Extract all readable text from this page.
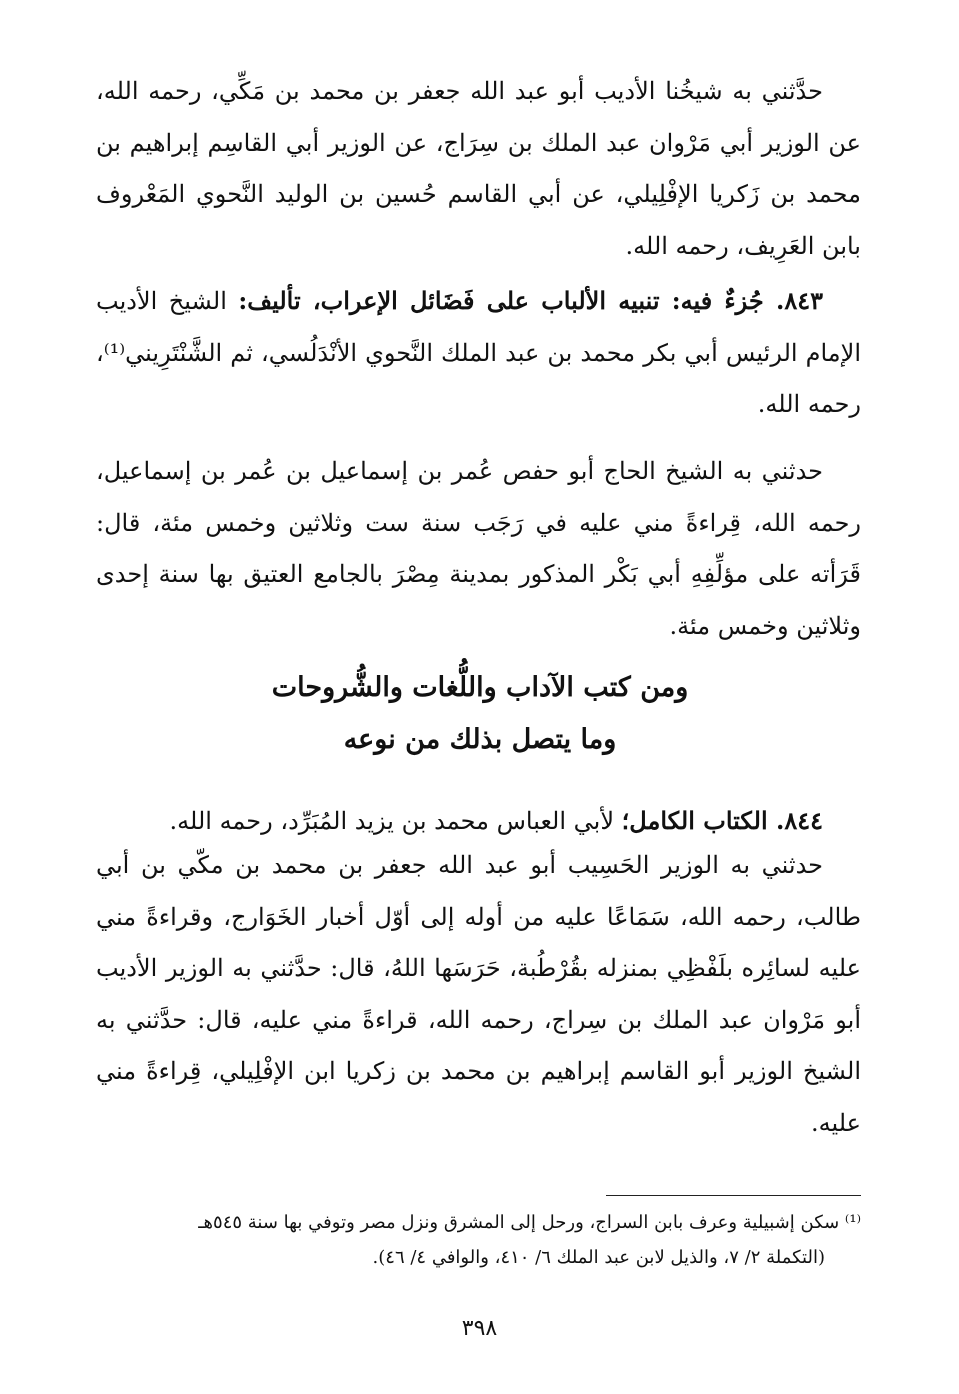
حدَّثني به شيخُنا الأديب أبو عبد الله جعفر بن محمد بن مَكِّي، رحمه الله، عن الوزير أبي مَرْوان عبد الملك بن سِرَاج، عن الوزير أبي القاسِم إبراهيم بن محمد بن زَكريا الإفْلِيلي، عن أبي القاسم حُسين بن الوليد النَّحوي المَعْروف بابن العَرِيف، رحمه الله.

٨٤٣. جُزءٌ فيه: تنبيه الألباب على فَضَائل الإعراب، تأليف: الشيخ الأديب الإمام الرئيس أبي بكر محمد بن عبد الملك النَّحوي الأنْدَلُسي، ثم الشَّنْتَرِيني⁽¹⁾، رحمه الله.

حدثني به الشيخ الحاج أبو حفص عُمر بن إسماعيل بن عُمر بن إسماعيل، رحمه الله، قِراءةً مني عليه في رَجَب سنة ست وثلاثين وخمس مئة، قال: قَرَأته على مؤلِّفِهِ أبي بَكْر المذكور بمدينة مِصْرَ بالجامع العتيق بها سنة إحدى وثلاثين وخمس مئة.

ومن كتب الآداب واللُّغات والشُّروحات
وما يتصل بذلك من نوعه

٨٤٤. الكتاب الكامل؛ لأبي العباس محمد بن يزيد المُبَرِّد، رحمه الله.

حدثني به الوزير الحَسِيب أبو عبد الله جعفر بن محمد بن مكّي بن أبي طالب، رحمه الله، سَمَاعًا عليه من أوله إلى أوّل أخبار الخَوَارج، وقراءةً مني عليه لسائِره بلَفْظِي بمنزله بقُرْطُبة، حَرَسَها اللهُ، قال: حدَّثني به الوزير الأديب أبو مَرْوان عبد الملك بن سِراج، رحمه الله، قراءةً مني عليه، قال: حدَّثني به الشيخ الوزير أبو القاسم إبراهيم بن محمد بن زكريا ابن الإفْلِيلي، قِراءةً مني عليه.

⁽¹⁾ سكن إشبيلية وعرف بابن السراج، ورحل إلى المشرق ونزل مصر وتوفي بها سنة ٥٤٥هـ
(التكملة ٢/ ٧، والذيل لابن عبد الملك ٦/ ٤١٠، والوافي ٤/ ٤٦).
٣٩٨
